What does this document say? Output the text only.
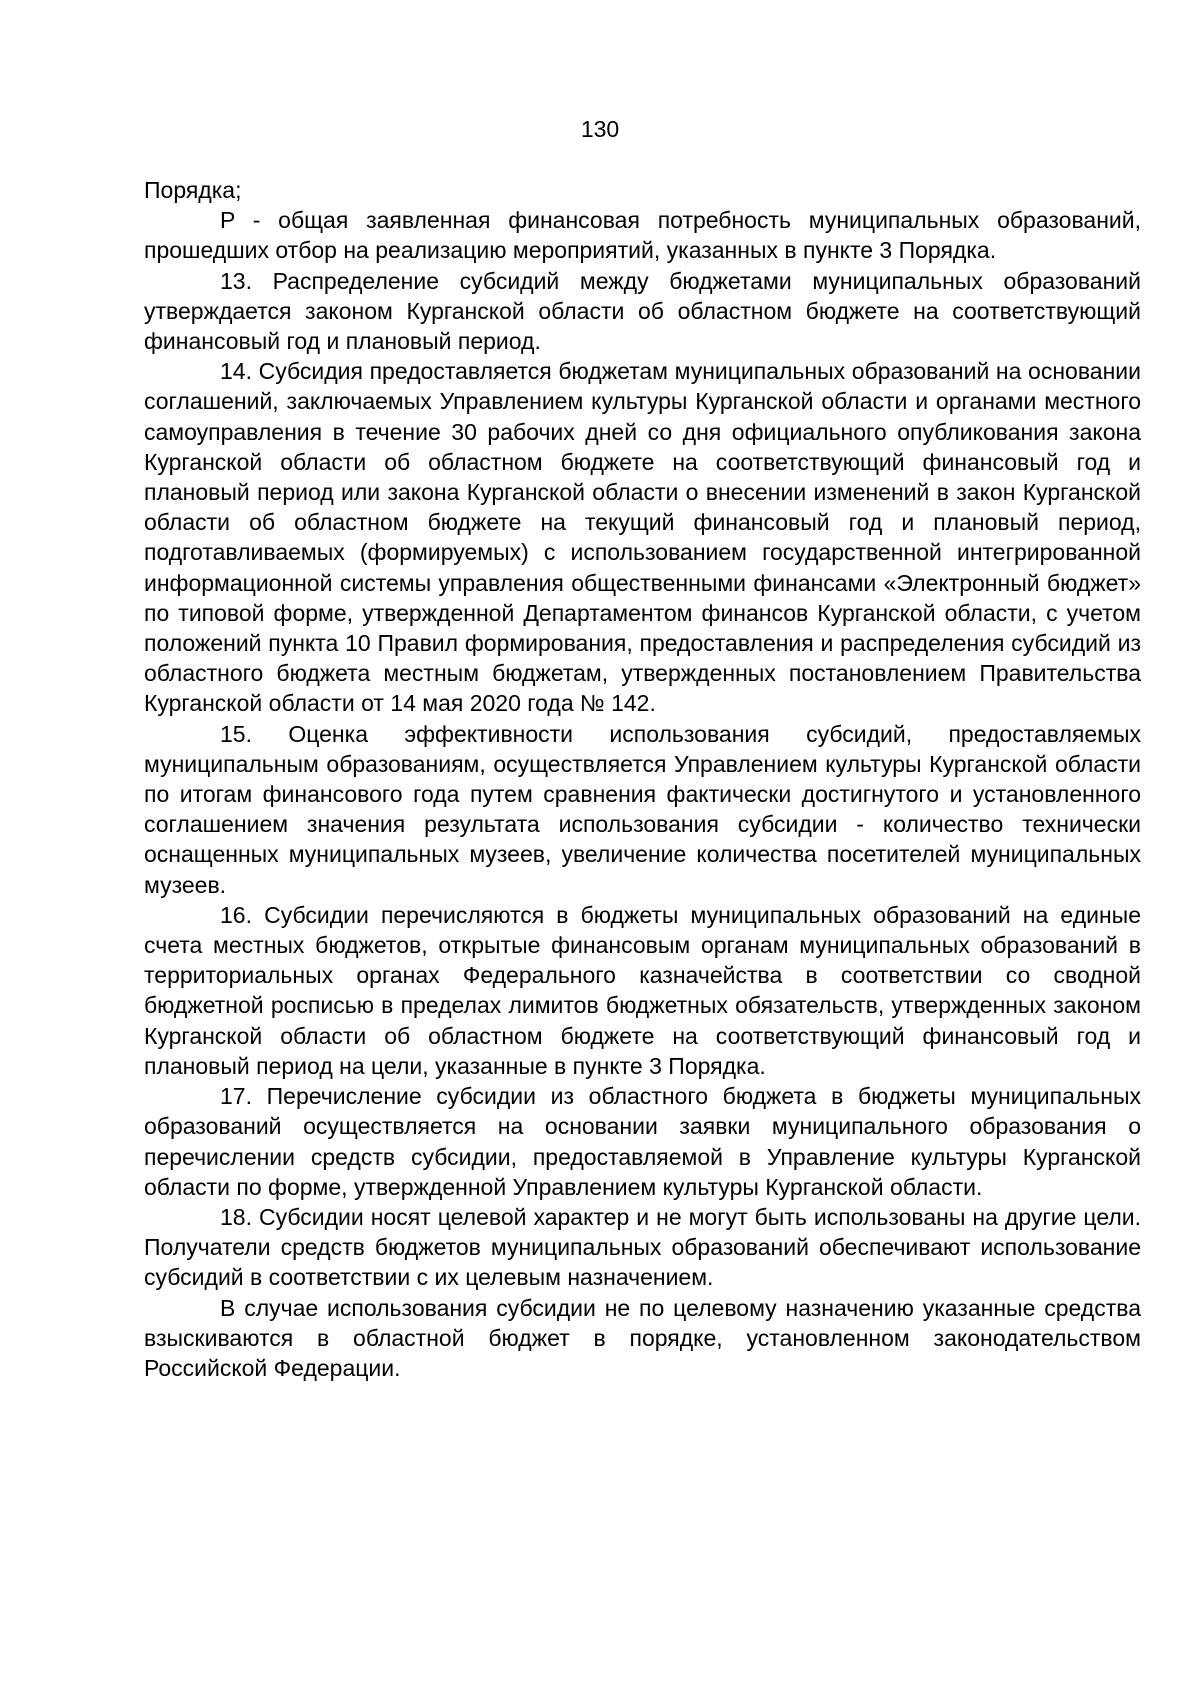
130

Порядка;

P - общая заявленная финансовая потребность муниципальных образований, прошедших отбор на реализацию мероприятий, указанных в пункте 3 Порядка.

13. Распределение субсидий между бюджетами муниципальных образований утверждается законом Курганской области об областном бюджете на соответствующий финансовый год и плановый период.

14. Субсидия предоставляется бюджетам муниципальных образований на основании соглашений, заключаемых Управлением культуры Курганской области и органами местного самоуправления в течение 30 рабочих дней со дня официального опубликования закона Курганской области об областном бюджете на соответствующий финансовый год и плановый период или закона Курганской области о внесении изменений в закон Курганской области об областном бюджете на текущий финансовый год и плановый период, подготавливаемых (формируемых) с использованием государственной интегрированной информационной системы управления общественными финансами «Электронный бюджет» по типовой форме, утвержденной Департаментом финансов Курганской области, с учетом положений пункта 10 Правил формирования, предоставления и распределения субсидий из областного бюджета местным бюджетам, утвержденных постановлением Правительства Курганской области от 14 мая 2020 года № 142.

15. Оценка эффективности использования субсидий, предоставляемых муниципальным образованиям, осуществляется Управлением культуры Курганской области по итогам финансового года путем сравнения фактически достигнутого и установленного соглашением значения результата использования субсидии - количество технически оснащенных муниципальных музеев, увеличение количества посетителей муниципальных музеев.

16. Субсидии перечисляются в бюджеты муниципальных образований на единые счета местных бюджетов, открытые финансовым органам муниципальных образований в территориальных органах Федерального казначейства в соответствии со сводной бюджетной росписью в пределах лимитов бюджетных обязательств, утвержденных законом Курганской области об областном бюджете на соответствующий финансовый год и плановый период на цели, указанные в пункте 3 Порядка.

17. Перечисление субсидии из областного бюджета в бюджеты муниципальных образований осуществляется на основании заявки муниципального образования о перечислении средств субсидии, предоставляемой в Управление культуры Курганской области по форме, утвержденной Управлением культуры Курганской области.

18. Субсидии носят целевой характер и не могут быть использованы на другие цели. Получатели средств бюджетов муниципальных образований обеспечивают использование субсидий в соответствии с их целевым назначением.

В случае использования субсидии не по целевому назначению указанные средства взыскиваются в областной бюджет в порядке, установленном законодательством Российской Федерации.
